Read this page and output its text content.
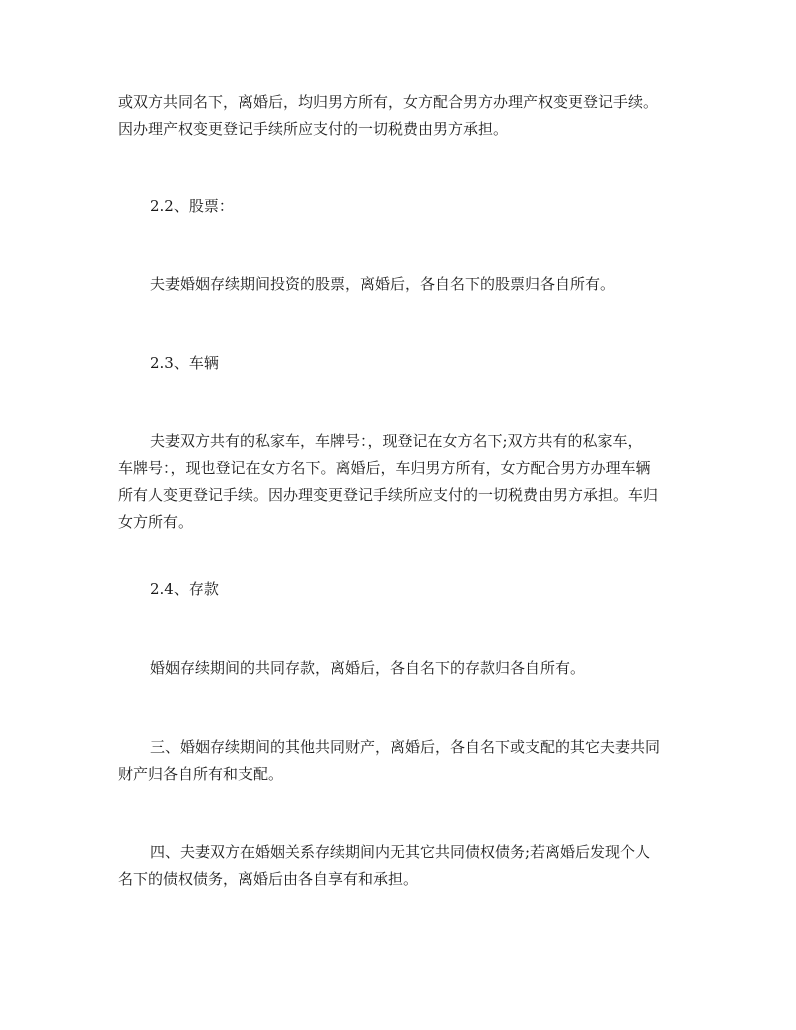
或双方共同名下，离婚后，均归男方所有，女方配合男方办理产权变更登记手续。
因办理产权变更登记手续所应支付的一切税费由男方承担。

2.2、股票：

夫妻婚姻存续期间投资的股票，离婚后，各自名下的股票归各自所有。

2.3、车辆

夫妻双方共有的私家车，车牌号：，现登记在女方名下;双方共有的私家车，
车牌号：，现也登记在女方名下。离婚后，车归男方所有，女方配合男方办理车辆
所有人变更登记手续。因办理变更登记手续所应支付的一切税费由男方承担。车归
女方所有。

2.4、存款

婚姻存续期间的共同存款，离婚后，各自名下的存款归各自所有。

三、婚姻存续期间的其他共同财产，离婚后，各自名下或支配的其它夫妻共同
财产归各自所有和支配。

四、夫妻双方在婚姻关系存续期间内无其它共同债权债务;若离婚后发现个人
名下的债权债务，离婚后由各自享有和承担。
